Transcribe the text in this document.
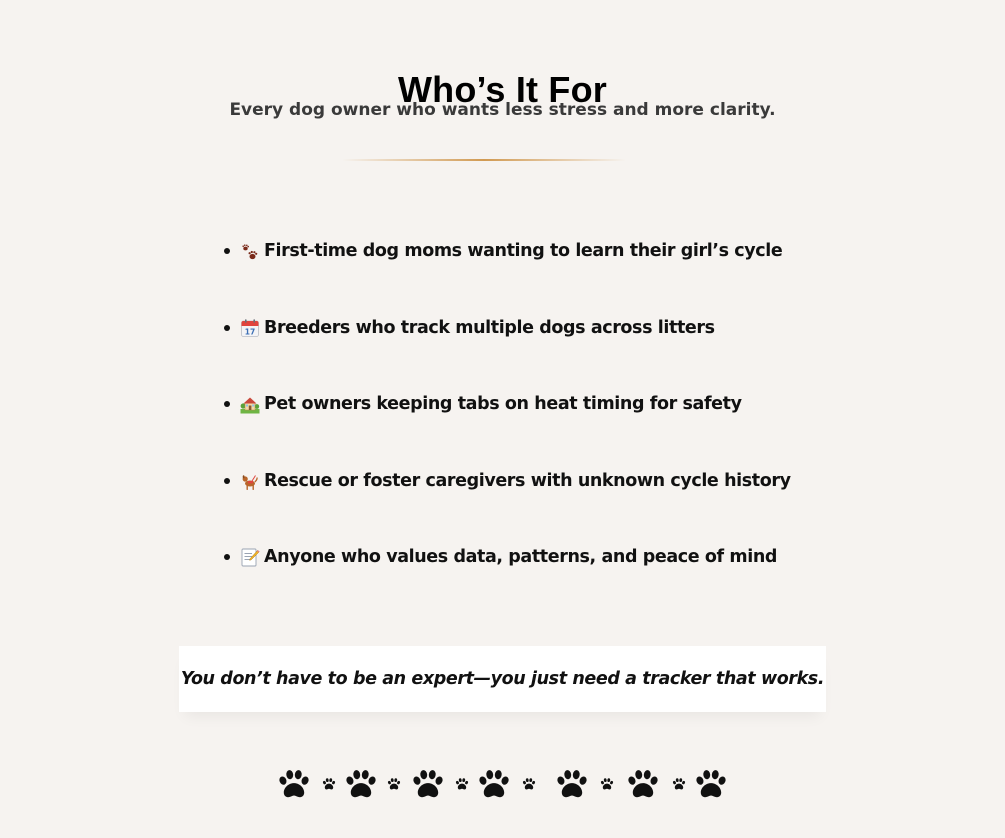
Who’s It For
Every dog owner who wants less stress and more clarity.
First-time dog moms wanting to learn their girl’s cycle
17 Breeders who track multiple dogs across litters
Pet owners keeping tabs on heat timing for safety
Rescue or foster caregivers with unknown cycle history
Anyone who values data, patterns, and peace of mind
You don’t have to be an expert—you just need a tracker that works.
